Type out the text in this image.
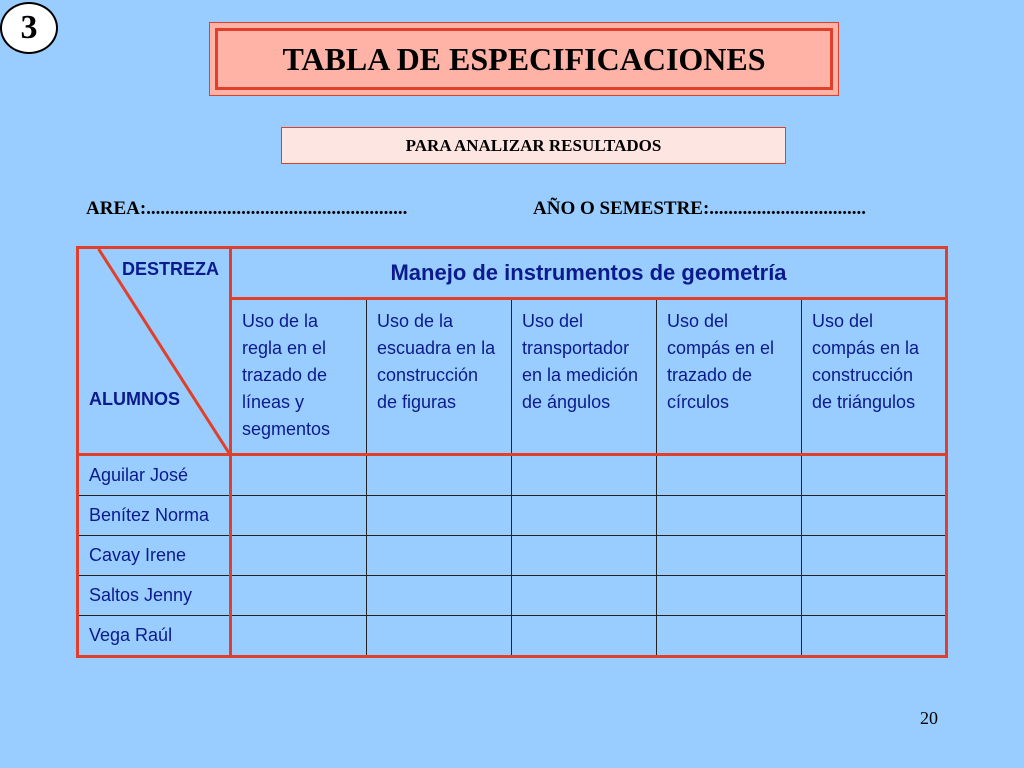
3
TABLA DE ESPECIFICACIONES
PARA ANALIZAR RESULTADOS
AREA:.......................................................	AÑO O SEMESTRE:.................................
DESTREZA
ALUMNOS	Manejo de instrumentos de geometría				
	Uso de la regla en el trazado de líneas y segmentos	Uso de la escuadra en la construcción de figuras	Uso del transportador en la medición de ángulos	Uso del compás en el trazado de círculos	Uso del compás en la construcción de triángulos
Aguilar José					
Benítez Norma					
Cavay Irene					
Saltos Jenny					
Vega Raúl					
20
